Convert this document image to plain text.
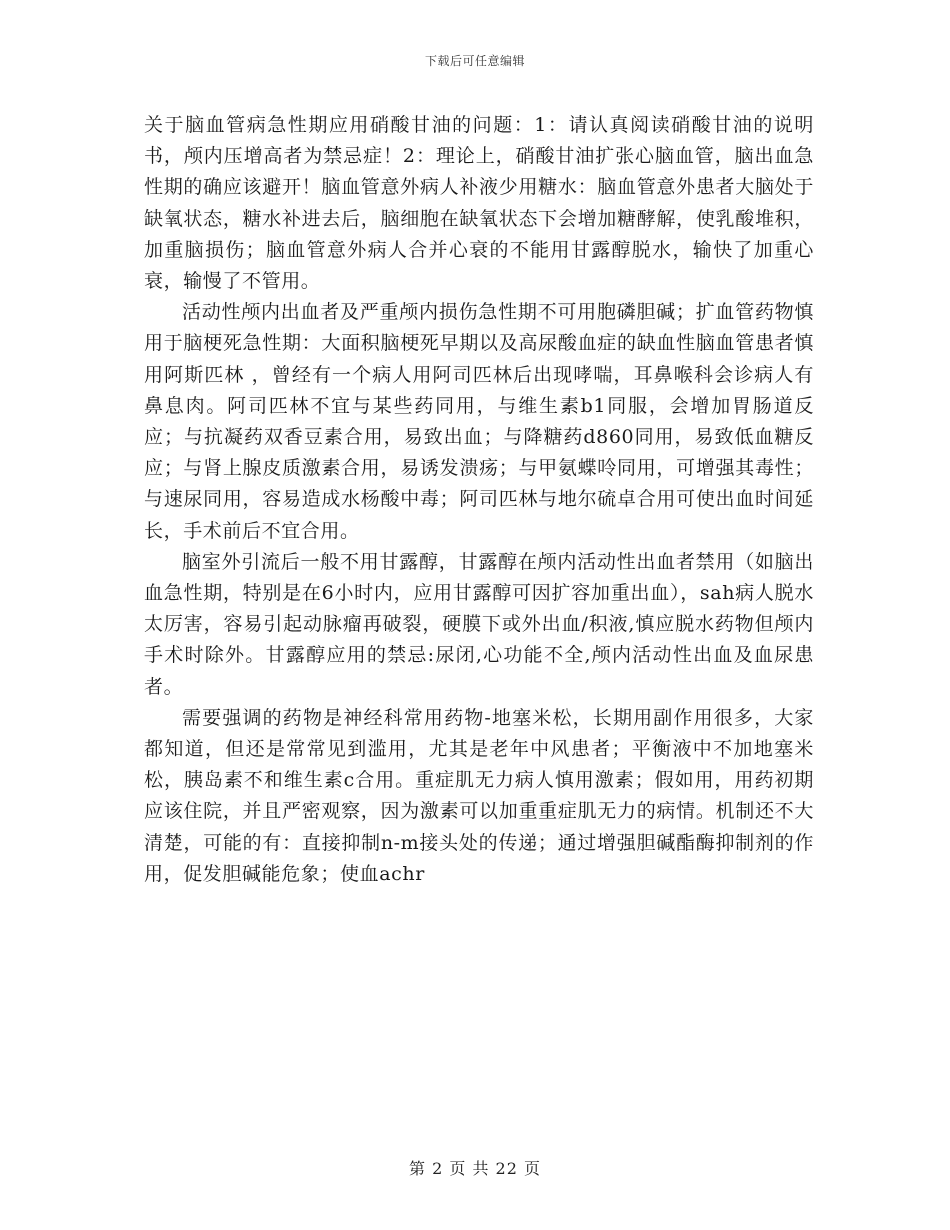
下载后可任意编辑

关于脑血管病急性期应用硝酸甘油的问题：1：请认真阅读硝酸甘油的说明书，颅内压增高者为禁忌症！2：理论上，硝酸甘油扩张心脑血管，脑出血急性期的确应该避开！脑血管意外病人补液少用糖水：脑血管意外患者大脑处于缺氧状态，糖水补进去后，脑细胞在缺氧状态下会增加糖酵解，使乳酸堆积，加重脑损伤；脑血管意外病人合并心衰的不能用甘露醇脱水，输快了加重心衰，输慢了不管用。

活动性颅内出血者及严重颅内损伤急性期不可用胞磷胆碱；扩血管药物慎用于脑梗死急性期：大面积脑梗死早期以及高尿酸血症的缺血性脑血管患者慎用阿斯匹林 ，曾经有一个病人用阿司匹林后出现哮喘，耳鼻喉科会诊病人有鼻息肉。阿司匹林不宜与某些药同用，与维生素b1同服，会增加胃肠道反应；与抗凝药双香豆素合用，易致出血；与降糖药d860同用，易致低血糖反应；与肾上腺皮质激素合用，易诱发溃疡；与甲氨蝶呤同用，可增强其毒性；与速尿同用，容易造成水杨酸中毒；阿司匹林与地尔硫卓合用可使出血时间延长，手术前后不宜合用。

脑室外引流后一般不用甘露醇，甘露醇在颅内活动性出血者禁用（如脑出血急性期，特别是在6小时内，应用甘露醇可因扩容加重出血），sah病人脱水太厉害，容易引起动脉瘤再破裂，硬膜下或外出血/积液,慎应脱水药物但颅内手术时除外。甘露醇应用的禁忌:尿闭,心功能不全,颅内活动性出血及血尿患者。

需要强调的药物是神经科常用药物-地塞米松，长期用副作用很多，大家都知道，但还是常常见到滥用，尤其是老年中风患者；平衡液中不加地塞米松，胰岛素不和维生素c合用。重症肌无力病人慎用激素；假如用，用药初期应该住院，并且严密观察，因为激素可以加重重症肌无力的病情。机制还不大清楚，可能的有：直接抑制n-m接头处的传递；通过增强胆碱酯酶抑制剂的作用，促发胆碱能危象；使血achr

第 2 页 共 22 页
